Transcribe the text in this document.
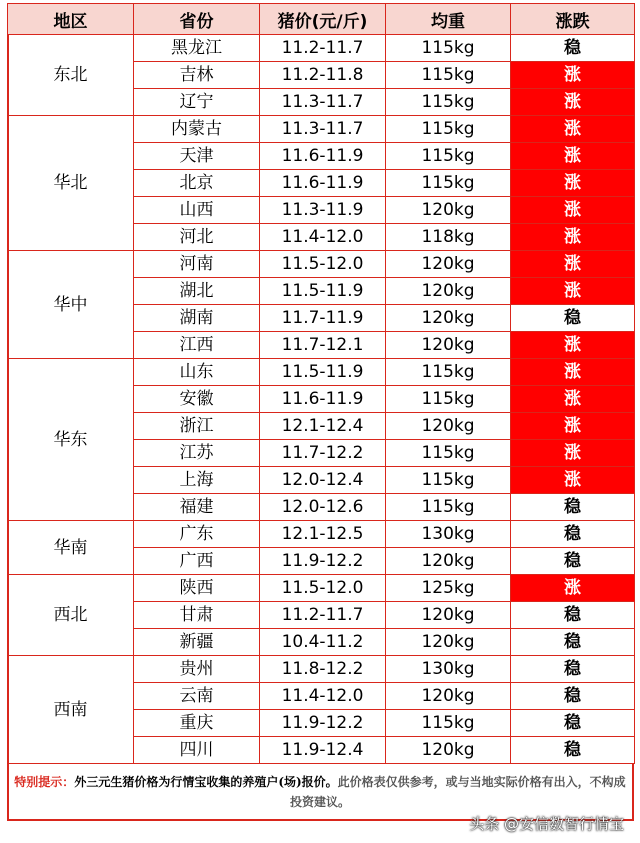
地区	省份	猪价(元/斤)	均重	涨跌
东北	黑龙江	11.2-11.7	115kg	稳
	吉林	11.2-11.8	115kg	涨
	辽宁	11.3-11.7	115kg	涨
华北	内蒙古	11.3-11.7	115kg	涨
	天津	11.6-11.9	115kg	涨
	北京	11.6-11.9	115kg	涨
	山西	11.3-11.9	120kg	涨
	河北	11.4-12.0	118kg	涨
华中	河南	11.5-12.0	120kg	涨
	湖北	11.5-11.9	120kg	涨
	湖南	11.7-11.9	120kg	稳
	江西	11.7-12.1	120kg	涨
华东	山东	11.5-11.9	115kg	涨
	安徽	11.6-11.9	115kg	涨
	浙江	12.1-12.4	120kg	涨
	江苏	11.7-12.2	115kg	涨
	上海	12.0-12.4	115kg	涨
	福建	12.0-12.6	115kg	稳
华南	广东	12.1-12.5	130kg	稳
	广西	11.9-12.2	120kg	稳
西北	陕西	11.5-12.0	125kg	涨
	甘肃	11.2-11.7	120kg	稳
	新疆	10.4-11.2	120kg	稳
西南	贵州	11.8-12.2	130kg	稳
	云南	11.4-12.0	120kg	稳
	重庆	11.9-12.2	115kg	稳
	四川	11.9-12.4	120kg	稳
特别提示：外三元生猪价格为行情宝收集的养殖户(场)报价。此价格表仅供参考，或与当地实际价格有出入，不构成投资建议。
头条 @安信数智行情宝
